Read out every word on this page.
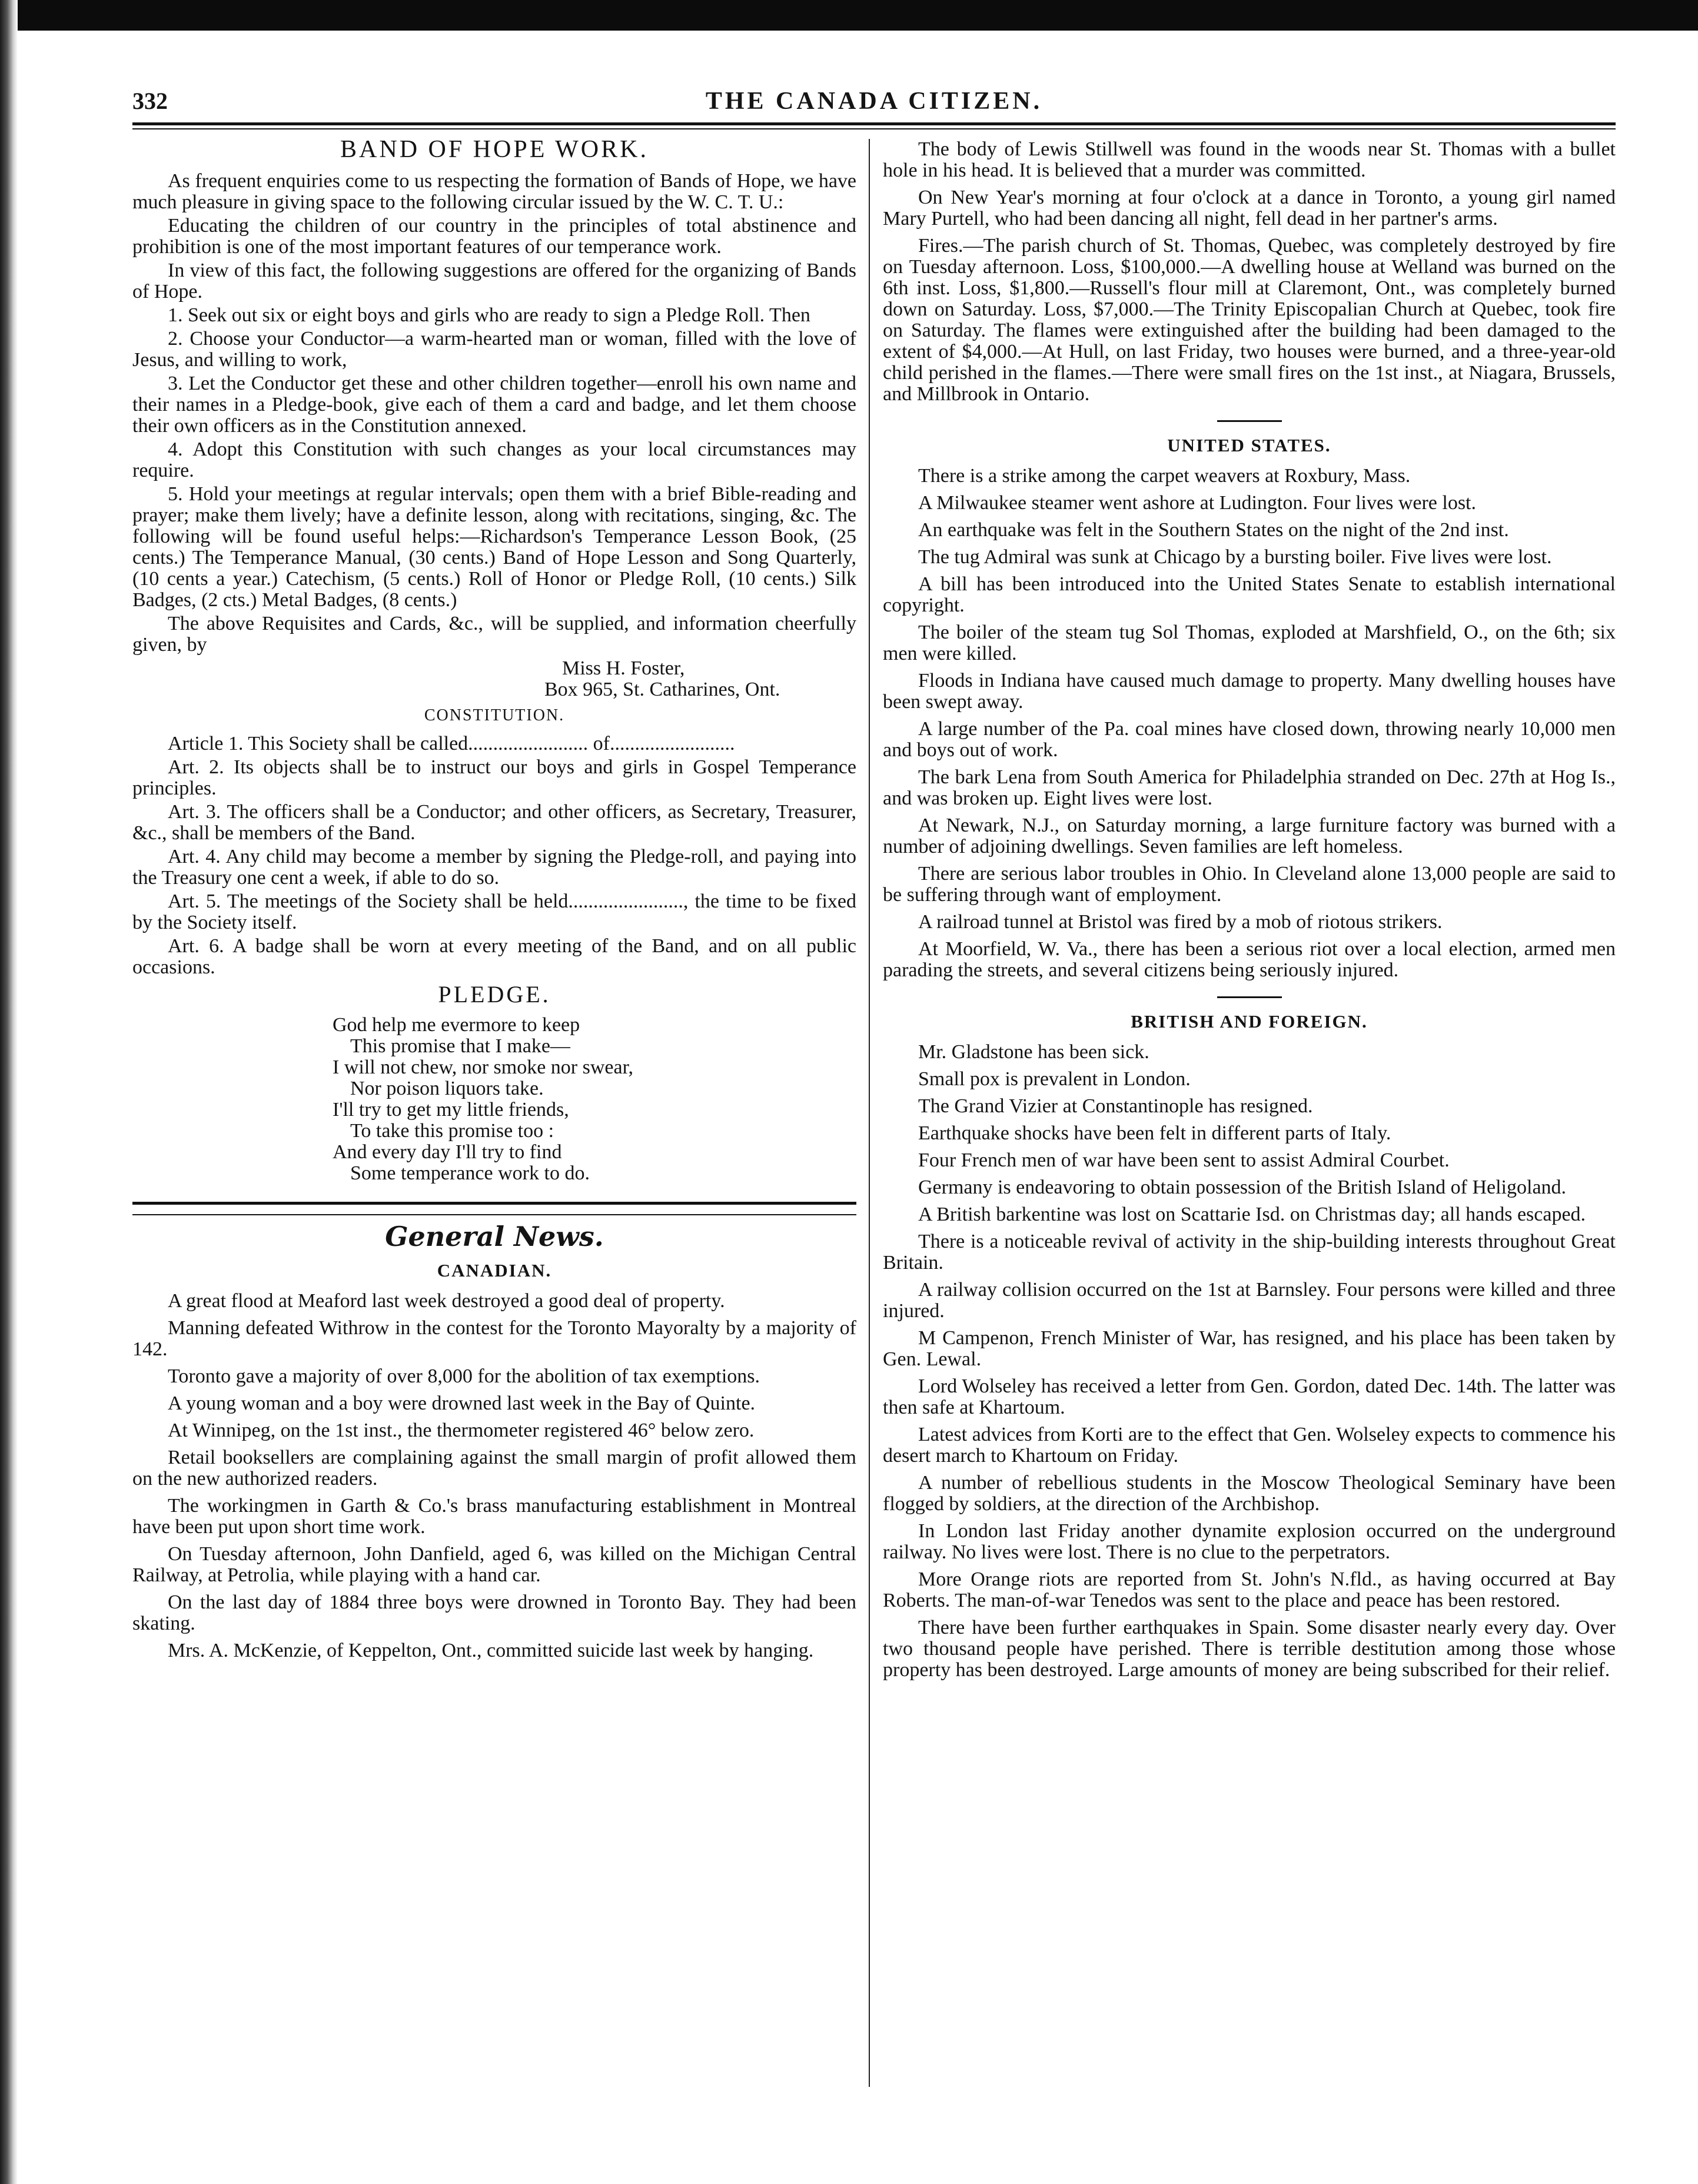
332	THE CANADA CITIZEN.
BAND OF HOPE WORK.

As frequent enquiries come to us respecting the formation of Bands of Hope, we have much pleasure in giving space to the following circular issued by the W. C. T. U.:

Educating the children of our country in the principles of total abstinence and prohibition is one of the most important features of our temperance work.

In view of this fact, the following suggestions are offered for the organizing of Bands of Hope.

1. Seek out six or eight boys and girls who are ready to sign a Pledge Roll. Then

2. Choose your Conductor—a warm-hearted man or woman, filled with the love of Jesus, and willing to work,

3. Let the Conductor get these and other children together—enroll his own name and their names in a Pledge-book, give each of them a card and badge, and let them choose their own officers as in the Constitution annexed.

4. Adopt this Constitution with such changes as your local circumstances may require.

5. Hold your meetings at regular intervals; open them with a brief Bible-reading and prayer; make them lively; have a definite lesson, along with recitations, singing, &c. The following will be found useful helps:—Richardson's Temperance Lesson Book, (25 cents.) The Temperance Manual, (30 cents.) Band of Hope Lesson and Song Quarterly, (10 cents a year.) Catechism, (5 cents.) Roll of Honor or Pledge Roll, (10 cents.) Silk Badges, (2 cts.) Metal Badges, (8 cents.)

The above Requisites and Cards, &c., will be supplied, and information cheerfully given, by

Miss H. Foster,

Box 965, St. Catharines, Ont.

CONSTITUTION.

Article 1. This Society shall be called........................ of.........................

Art. 2. Its objects shall be to instruct our boys and girls in Gospel Temperance principles.

Art. 3. The officers shall be a Conductor; and other officers, as Secretary, Treasurer, &c., shall be members of the Band.

Art. 4. Any child may become a member by signing the Pledge-roll, and paying into the Treasury one cent a week, if able to do so.

Art. 5. The meetings of the Society shall be held......................., the time to be fixed by the Society itself.

Art. 6. A badge shall be worn at every meeting of the Band, and on all public occasions.

PLEDGE.
God help me evermore to keep
This promise that I make—
I will not chew, nor smoke nor swear,
Nor poison liquors take.
I'll try to get my little friends,
To take this promise too :
And every day I'll try to find
Some temperance work to do.
General News.
CANADIAN.

A great flood at Meaford last week destroyed a good deal of property.

Manning defeated Withrow in the contest for the Toronto Mayoralty by a majority of 142.

Toronto gave a majority of over 8,000 for the abolition of tax exemptions.

A young woman and a boy were drowned last week in the Bay of Quinte.

At Winnipeg, on the 1st inst., the thermometer registered 46° below zero.

Retail booksellers are complaining against the small margin of profit allowed them on the new authorized readers.

The workingmen in Garth & Co.'s brass manufacturing establishment in Montreal have been put upon short time work.

On Tuesday afternoon, John Danfield, aged 6, was killed on the Michigan Central Railway, at Petrolia, while playing with a hand car.

On the last day of 1884 three boys were drowned in Toronto Bay. They had been skating.

Mrs. A. McKenzie, of Keppelton, Ont., committed suicide last week by hanging.

The body of Lewis Stillwell was found in the woods near St. Thomas with a bullet hole in his head. It is believed that a murder was committed.

On New Year's morning at four o'clock at a dance in Toronto, a young girl named Mary Purtell, who had been dancing all night, fell dead in her partner's arms.

Fires.—The parish church of St. Thomas, Quebec, was completely destroyed by fire on Tuesday afternoon. Loss, $100,000.—A dwelling house at Welland was burned on the 6th inst. Loss, $1,800.—Russell's flour mill at Claremont, Ont., was completely burned down on Saturday. Loss, $7,000.—The Trinity Episcopalian Church at Quebec, took fire on Saturday. The flames were extinguished after the building had been damaged to the extent of $4,000.—At Hull, on last Friday, two houses were burned, and a three-year-old child perished in the flames.—There were small fires on the 1st inst., at Niagara, Brussels, and Millbrook in Ontario.

UNITED STATES.

There is a strike among the carpet weavers at Roxbury, Mass.

A Milwaukee steamer went ashore at Ludington. Four lives were lost.

An earthquake was felt in the Southern States on the night of the 2nd inst.

The tug Admiral was sunk at Chicago by a bursting boiler. Five lives were lost.

A bill has been introduced into the United States Senate to establish international copyright.

The boiler of the steam tug Sol Thomas, exploded at Marshfield, O., on the 6th; six men were killed.

Floods in Indiana have caused much damage to property. Many dwelling houses have been swept away.

A large number of the Pa. coal mines have closed down, throwing nearly 10,000 men and boys out of work.

The bark Lena from South America for Philadelphia stranded on Dec. 27th at Hog Is., and was broken up. Eight lives were lost.

At Newark, N.J., on Saturday morning, a large furniture factory was burned with a number of adjoining dwellings. Seven families are left homeless.

There are serious labor troubles in Ohio. In Cleveland alone 13,000 people are said to be suffering through want of employment.

A railroad tunnel at Bristol was fired by a mob of riotous strikers.

At Moorfield, W. Va., there has been a serious riot over a local election, armed men parading the streets, and several citizens being seriously injured.

BRITISH AND FOREIGN.

Mr. Gladstone has been sick.

Small pox is prevalent in London.

The Grand Vizier at Constantinople has resigned.

Earthquake shocks have been felt in different parts of Italy.

Four French men of war have been sent to assist Admiral Courbet.

Germany is endeavoring to obtain possession of the British Island of Heligoland.

A British barkentine was lost on Scattarie Isd. on Christmas day; all hands escaped.

There is a noticeable revival of activity in the ship-building interests throughout Great Britain.

A railway collision occurred on the 1st at Barnsley. Four persons were killed and three injured.

M Campenon, French Minister of War, has resigned, and his place has been taken by Gen. Lewal.

Lord Wolseley has received a letter from Gen. Gordon, dated Dec. 14th. The latter was then safe at Khartoum.

Latest advices from Korti are to the effect that Gen. Wolseley expects to commence his desert march to Khartoum on Friday.

A number of rebellious students in the Moscow Theological Seminary have been flogged by soldiers, at the direction of the Archbishop.

In London last Friday another dynamite explosion occurred on the underground railway. No lives were lost. There is no clue to the perpetrators.

More Orange riots are reported from St. John's N.fld., as having occurred at Bay Roberts. The man-of-war Tenedos was sent to the place and peace has been restored.

There have been further earthquakes in Spain. Some disaster nearly every day. Over two thousand people have perished. There is terrible destitution among those whose property has been destroyed. Large amounts of money are being subscribed for their relief.
